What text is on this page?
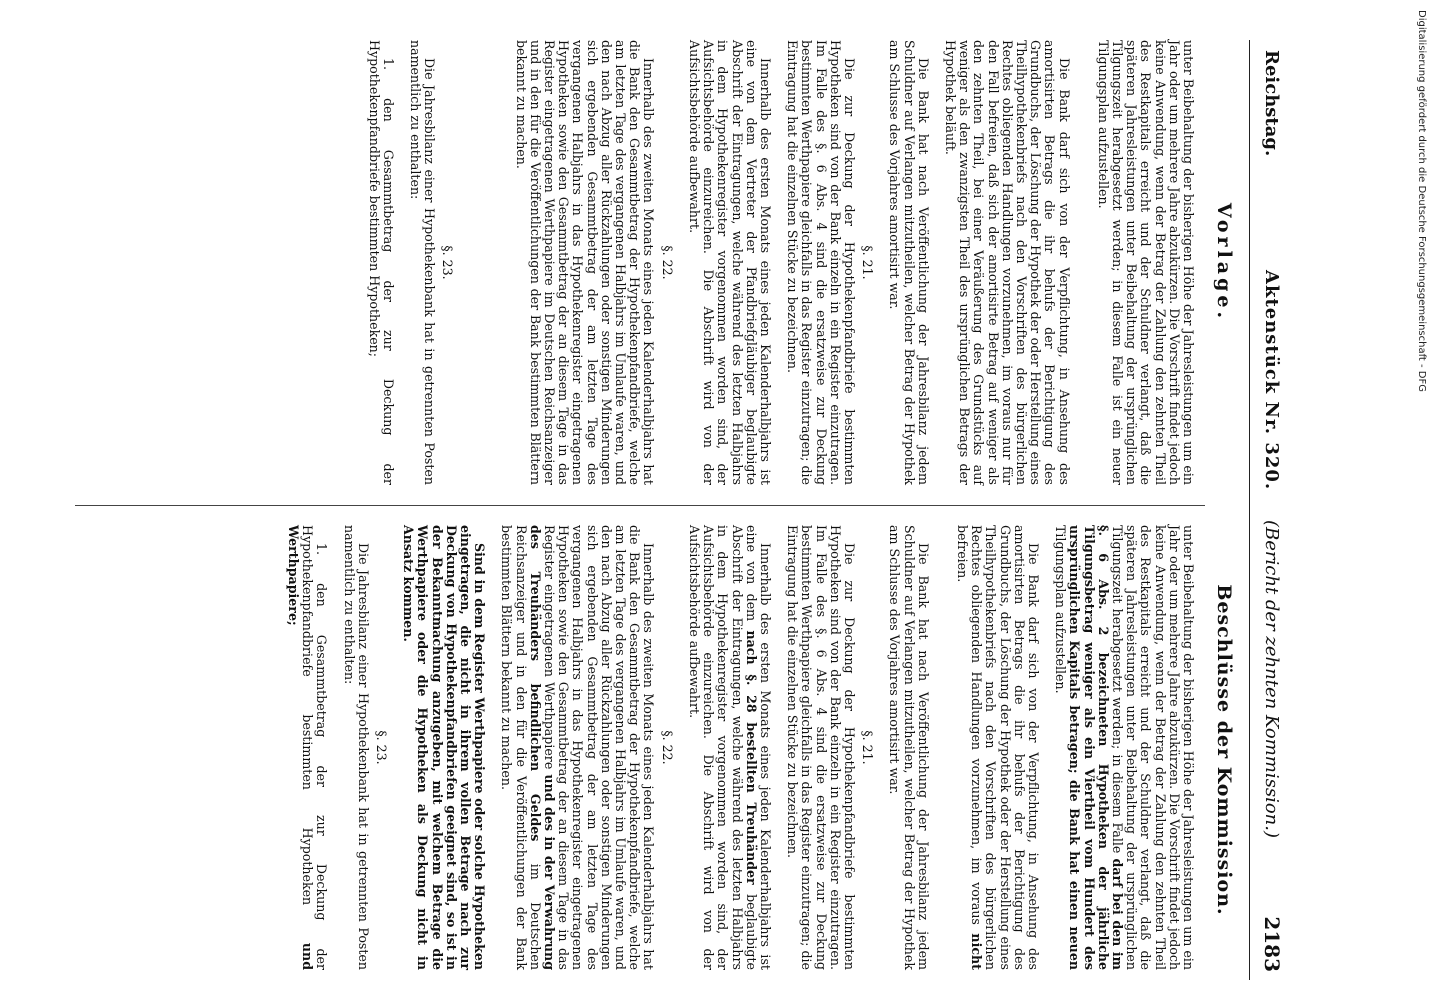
Reichstag.
Aktenstück Nr. 320.
(Bericht der zehnten Kommission.)
2183
Vorlage.
Beschlüsse der Kommission.

unter Beibehaltung der bisherigen Höhe der Jahresleistungen um ein Jahr oder um mehrere Jahre abzukürzen. Die Vorschrift findet jedoch keine Anwendung, wenn der Betrag der Zahlung den zehnten Theil des Restkapitals erreicht und der Schuldner verlangt, daß die späteren Jahresleistungen unter Beibehaltung der ursprünglichen Tilgungszeit herabgesetzt werden; in diesem Falle ist ein neuer Tilgungsplan aufzustellen.

Die Bank darf sich von der Verpflichtung, in Ansehung des amortisirten Betrags die ihr behufs der Berichtigung des Grundbuchs, der Löschung der Hypothek der oder Herstellung eines Theilhypothekenbriefs nach den Vorschriften des bürgerlichen Rechtes obliegenden Handlungen vorzunehmen, im voraus nur für den Fall befreien, daß sich der amortisirte Betrag auf weniger als den zehnten Theil, bei einer Veräußerung des Grundstücks auf weniger als den zwanzigsten Theil des ursprünglichen Betrags der Hypothek beläuft.

Die Bank hat nach Veröffentlichung der Jahresbilanz jedem Schuldner auf Verlangen mitzutheilen, welcher Betrag der Hypothek am Schlusse des Vorjahres amortisirt war.

§. 21.

Die zur Deckung der Hypothekenpfandbriefe bestimmten Hypotheken sind von der Bank einzeln in ein Register einzutragen. Im Falle des §. 6 Abs. 4 sind die ersatzweise zur Deckung bestimmten Werthpapiere gleichfalls in das Register einzutragen; die Eintragung hat die einzelnen Stücke zu bezeichnen.

Innerhalb des ersten Monats eines jeden Kalenderhalbjahrs ist eine von dem Vertreter der Pfandbriefgläubiger beglaubigte Abschrift der Eintragungen, welche während des letzten Halbjahrs in dem Hypothekenregister vorgenommen worden sind, der Aufsichtsbehörde einzureichen. Die Abschrift wird von der Aufsichtsbehörde aufbewahrt.

§. 22.

Innerhalb des zweiten Monats eines jeden Kalenderhalbjahrs hat die Bank den Gesammtbetrag der Hypothekenpfandbriefe, welche am letzten Tage des vergangenen Halbjahrs im Umlaufe waren, und den nach Abzug aller Rückzahlungen oder sonstigen Minderungen sich ergebenden Gesammtbetrag der am letzten Tage des vergangenen Halbjahrs in das Hypothekenregister eingetragenen Hypotheken sowie den Gesammtbetrag der an diesem Tage in das Register eingetragenen Werthpapiere im Deutschen Reichsanzeiger und in den für die Veröffentlichungen der Bank bestimmten Blättern bekannt zu machen.

§. 23.

Die Jahresbilanz einer Hypothekenbank hat in getrennten Posten namentlich zu enthalten:

1. den Gesammtbetrag der zur Deckung der Hypothekenpfandbriefe bestimmten Hypotheken;

unter Beibehaltung der bisherigen Höhe der Jahresleistungen um ein Jahr oder um mehrere Jahre abzukürzen. Die Vorschrift findet jedoch keine Anwendung, wenn der Betrag der Zahlung den zehnten Theil des Restkapitals erreicht und der Schuldner verlangt, daß die späteren Jahresleistungen unter Beibehaltung der ursprünglichen Tilgungszeit herabgesetzt werden; in diesem Falle darf bei den im §. 6 Abs. 2 bezeichneten Hypotheken der jährliche Tilgungsbetrag weniger als ein Viertheil vom Hundert des ursprünglichen Kapitals betragen; die Bank hat einen neuen Tilgungsplan aufzustellen.

Die Bank darf sich von der Verpflichtung, in Ansehung des amortisirten Betrags die ihr behufs der Berichtigung des Grundbuchs, der Löschung der Hypothek oder der Herstellung eines Theilhypothekenbriefs nach den Vorschriften des bürgerlichen Rechtes obliegenden Handlungen vorzunehmen, im voraus nicht befreien.

Die Bank hat nach Veröffentlichung der Jahresbilanz jedem Schuldner auf Verlangen mitzutheilen, welcher Betrag der Hypothek am Schlusse des Vorjahres amortisirt war.

§. 21.

Die zur Deckung der Hypothekenpfandbriefe bestimmten Hypotheken sind von der Bank einzeln in ein Register einzutragen. Im Falle des §. 6 Abs. 4 sind die ersatzweise zur Deckung bestimmten Werthpapiere gleichfalls in das Register einzutragen; die Eintragung hat die einzelnen Stücke zu bezeichnen.

Innerhalb des ersten Monats eines jeden Kalenderhalbjahrs ist eine von dem nach §. 28 bestellten Treuhänder beglaubigte Abschrift der Eintragungen, welche während des letzten Halbjahrs in dem Hypothekenregister vorgenommen worden sind, der Aufsichtsbehörde einzureichen. Die Abschrift wird von der Aufsichtsbehörde aufbewahrt.

§. 22.

Innerhalb des zweiten Monats eines jeden Kalenderhalbjahrs hat die Bank den Gesammtbetrag der Hypothekenpfandbriefe, welche am letzten Tage des vergangenen Halbjahrs im Umlaufe waren, und den nach Abzug aller Rückzahlungen oder sonstigen Minderungen sich ergebenden Gesammtbetrag der am letzten Tage des vergangenen Halbjahrs in das Hypothekenregister eingetragenen Hypotheken sowie den Gesammtbetrag der an diesem Tage in das Register eingetragenen Werthpapiere und des in der Verwahrung des Treuhänders befindlichen Geldes im Deutschen Reichsanzeiger und in den für die Veröffentlichungen der Bank bestimmten Blättern bekannt zu machen.

Sind in dem Register Werthpapiere oder solche Hypotheken eingetragen, die nicht in ihrem vollen Betrage nach zur Deckung von Hypothekenpfandbriefen geeignet sind, so ist in der Bekanntmachung anzugeben, mit welchem Betrage die Werthpapiere oder die Hypotheken als Deckung nicht in Ansatz kommen.

§. 23.

Die Jahresbilanz einer Hypothekenbank hat in getrennten Posten namentlich zu enthalten:

1. den Gesammtbetrag der zur Deckung der Hypothekenpfandbriefe bestimmten Hypotheken und Werthpapiere;

Digitalisierung gefördert durch die Deutsche Forschungsgemeinschaft - DFG
